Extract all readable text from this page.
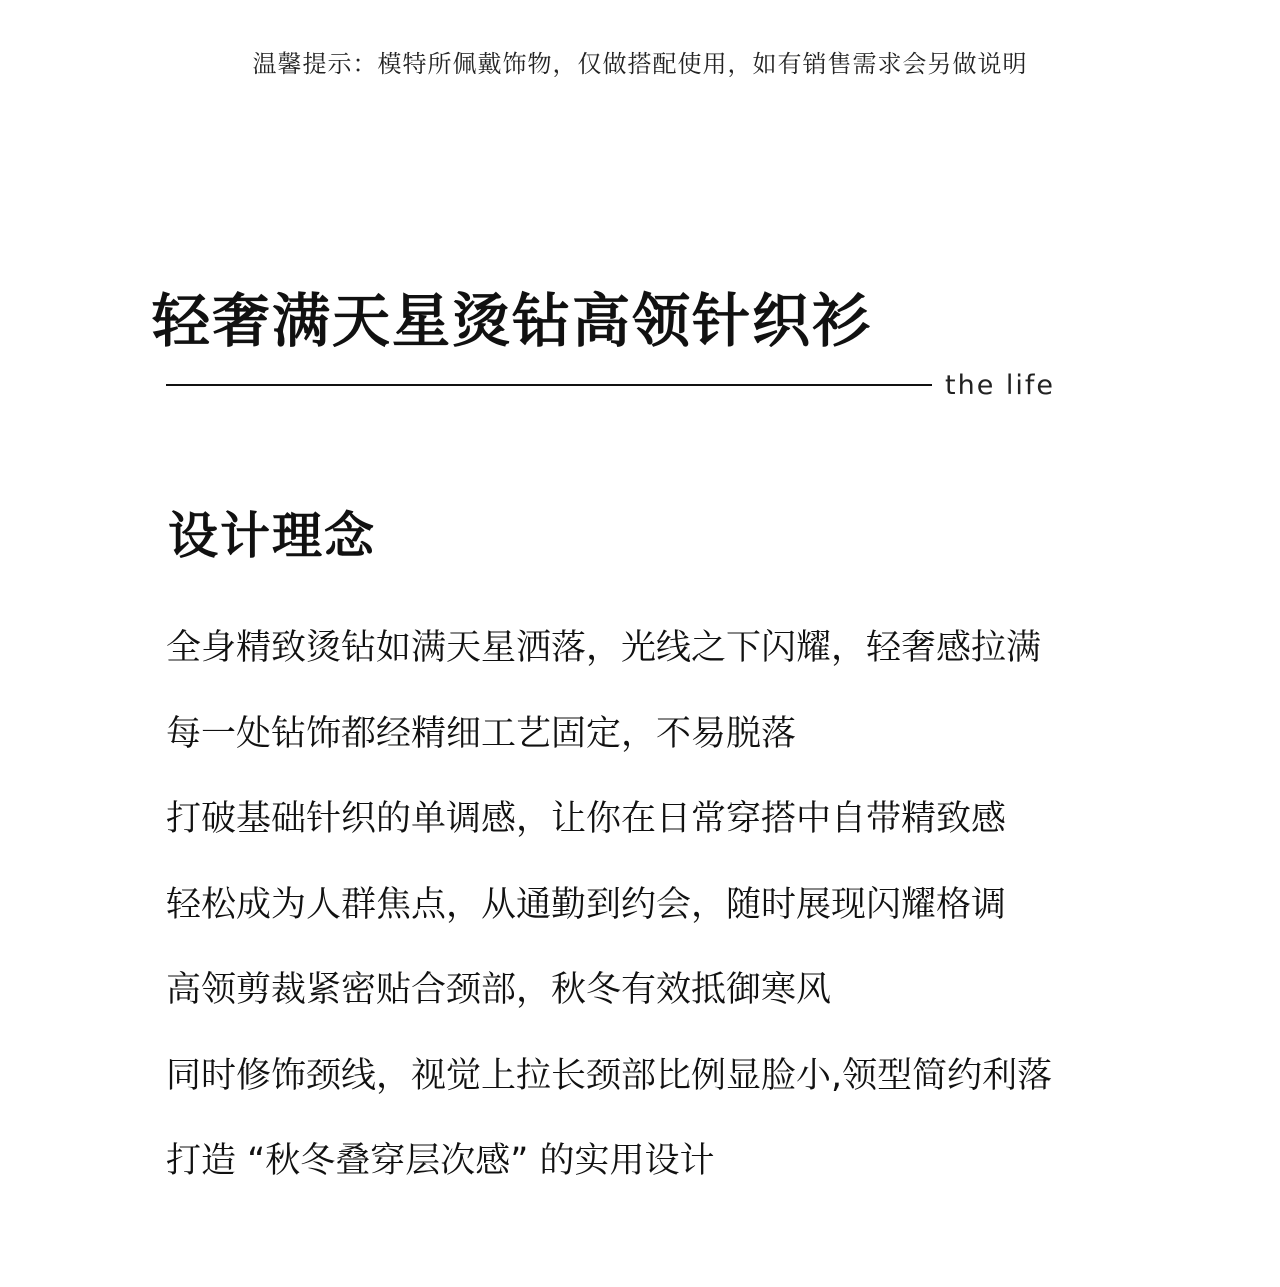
温馨提示：模特所佩戴饰物，仅做搭配使用，如有销售需求会另做说明
轻奢满天星烫钻高领针织衫
the life
设计理念
全身精致烫钻如满天星洒落，光线之下闪耀，轻奢感拉满
每一处钻饰都经精细工艺固定，不易脱落
打破基础针织的单调感，让你在日常穿搭中自带精致感
轻松成为人群焦点，从通勤到约会，随时展现闪耀格调
高领剪裁紧密贴合颈部，秋冬有效抵御寒风
同时修饰颈线，视觉上拉长颈部比例显脸小,领型简约利落
打造 “秋冬叠穿层次感” 的实用设计
